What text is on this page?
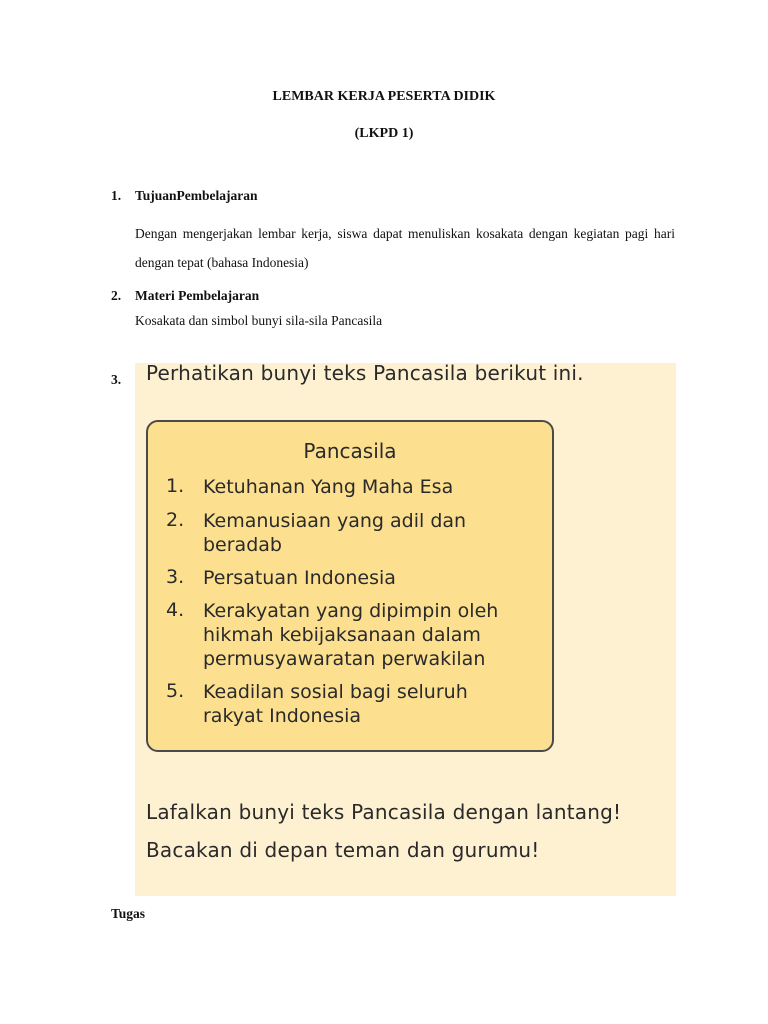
LEMBAR KERJA PESERTA DIDIK
(LKPD 1)
1. TujuanPembelajaran
Dengan mengerjakan lembar kerja, siswa dapat menuliskan kosakata dengan kegiatan pagi hari dengan tepat (bahasa Indonesia)
2. Materi Pembelajaran
Kosakata dan simbol bunyi sila-sila Pancasila
3. Perhatikan bunyi teks Pancasila berikut ini.
Pancasila
1. Ketuhanan Yang Maha Esa
2. Kemanusiaan yang adil dan beradab
3. Persatuan Indonesia
4. Kerakyatan yang dipimpin oleh hikmah kebijaksanaan dalam permusyawaratan perwakilan
5. Keadilan sosial bagi seluruh rakyat Indonesia
Lafalkan bunyi teks Pancasila dengan lantang!
Bacakan di depan teman dan gurumu!
Tugas
